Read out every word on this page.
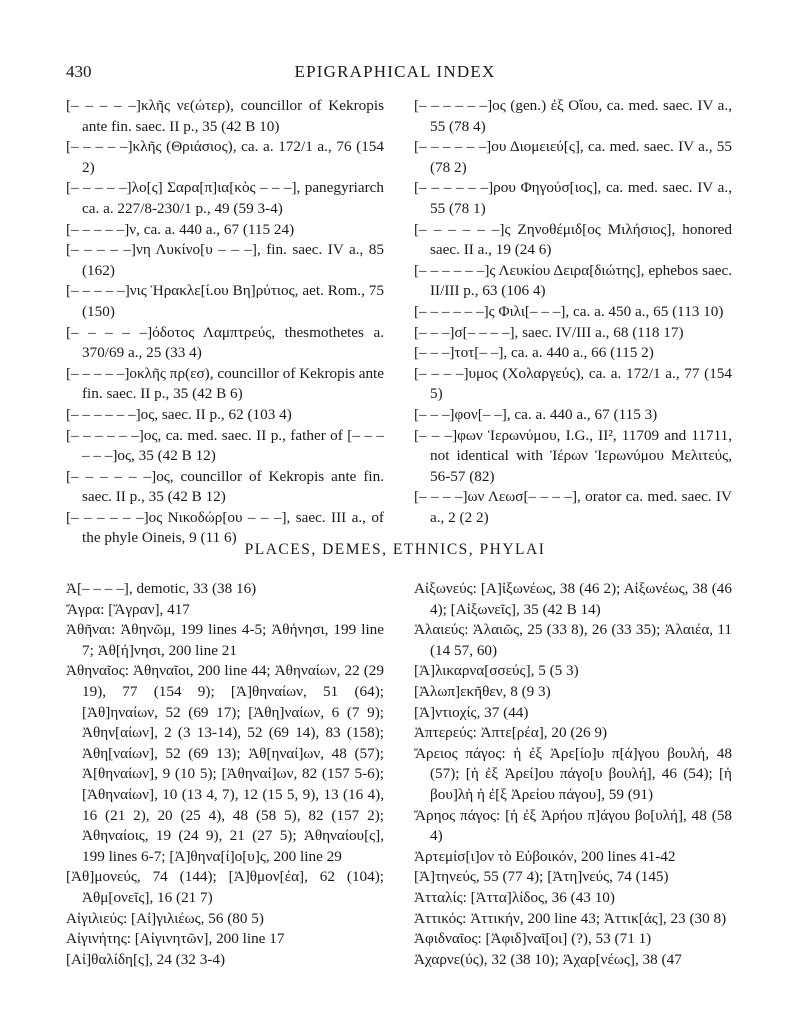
430	EPIGRAPHICAL INDEX

[– – – – –]κλῆς νε(ώτερ), councillor of Kekropis ante fin. saec. II p., 35 (42 B 10)

[– – – – –]κλῆς (Θριάσιος), ca. a. 172/1 a., 76 (154 2)

[– – – – –]λο[ς] Σαρα[π]ια[κὸς – – –], panegyriarch ca. a. 227/8-230/1 p., 49 (59 3-4)

[– – – – –]ν, ca. a. 440 a., 67 (115 24)

[– – – – –]νη Λυκίνο[υ – – –], fin. saec. IV a., 85 (162)

[– – – – –]νις Ἡρακλε[ί.ου Βη]ρύτιος, aet. Rom., 75 (150)

[– – – – –]όδοτος Λαμπτρεύς, thesmothetes a. 370/69 a., 25 (33 4)

[– – – – –]οκλῆς πρ(εσ), councillor of Kekropis ante fin. saec. II p., 35 (42 B 6)

[– – – – – –]ος, saec. II p., 62 (103 4)

[– – – – – –]ος, ca. med. saec. II p., father of [– – – – – –]ος, 35 (42 B 12)

[– – – – – –]ος, councillor of Kekropis ante fin. saec. II p., 35 (42 B 12)

[– – – – – –]ος Νικοδώρ[ου – – –], saec. III a., of the phyle Oineis, 9 (11 6)

[– – – – – –]ος (gen.) ἐξ Οἴου, ca. med. saec. IV a., 55 (78 4)

[– – – – – –]ου Διομειεύ[ς], ca. med. saec. IV a., 55 (78 2)

[– – – – – –]ρου Φηγούσ[ιος], ca. med. saec. IV a., 55 (78 1)

[– – – – – –]ς Ζηνοθέμιδ[ος Μιλήσιος], honored saec. II a., 19 (24 6)

[– – – – – –]ς Λευκίου Δειρα[διώτης], ephebos saec. II/III p., 63 (106 4)

[– – – – – –]ς Φιλι[– – –], ca. a. 450 a., 65 (113 10)

[– – –]σ[– – – –], saec. IV/III a., 68 (118 17)

[– – –]τοτ[– –], ca. a. 440 a., 66 (115 2)

[– – – –]υμος (Χολαργεύς), ca. a. 172/1 a., 77 (154 5)

[– – –]φον[– –], ca. a. 440 a., 67 (115 3)

[– – –]φων Ἱερωνύμου, I.G., II², 11709 and 11711, not identical with Ἱέρων Ἱερωνύμου Μελιτεύς, 56-57 (82)

[– – – –]ων Λεωσ[– – – –], orator ca. med. saec. IV a., 2 (2 2)

PLACES, DEMES, ETHNICS, PHYLAI

Ἀ[– – – –], demotic, 33 (38 16)

Ἄγρα: [Ἄγραν], 417

Ἀθῆναι: Ἀθηνῶμ, 199 lines 4-5; Ἀθήνησι, 199 line 7; Ἀθ[ή]νησι, 200 line 21

Ἀθηναῖος: Ἀθηναῖοι, 200 line 44; Ἀθηναίων, 22 (29 19), 77 (154 9); [Ἀ]θηναίων, 51 (64); [Ἀθ]ηναίων, 52 (69 17); [Ἀθη]ναίων, 6 (7 9); Ἀθην[αίων], 2 (3 13-14), 52 (69 14), 83 (158); Ἀθη[ναίων], 52 (69 13); Ἀθ[ηναί]ων, 48 (57); Ἀ[θηναίων], 9 (10 5); [Ἀθηναί]ων, 82 (157 5-6); [Ἀθηναίων], 10 (13 4, 7), 12 (15 5, 9), 13 (16 4), 16 (21 2), 20 (25 4), 48 (58 5), 82 (157 2); Ἀθηναίοις, 19 (24 9), 21 (27 5); Ἀθηναίου[ς], 199 lines 6-7; [Ἀ]θηνα[ί]ο[υ]ς, 200 line 29

[Ἀθ]μονεύς, 74 (144); [Ἀ]θμον[έα], 62 (104); Ἀθμ[ονεῖς], 16 (21 7)

Αἰγιλιεύς: [Αἰ]γιλιέως, 56 (80 5)

Αἰγινήτης: [Αἰγινητῶν], 200 line 17

[Αἰ]θαλίδη[ς], 24 (32 3-4)

Αἰξωνεύς: [Α]ἰξωνέως, 38 (46 2); Αἰξωνέως, 38 (46 4); [Αἰξωνεῖς], 35 (42 B 14)

Ἁλαιεύς: Ἁλαιῶς, 25 (33 8), 26 (33 35); Ἁλαιέα, 11 (14 57, 60)

[Ἁ]λικαρνα[σσεύς], 5 (5 3)

[Ἀλωπ]εκῆθεν, 8 (9 3)

[Ἀ]ντιοχίς, 37 (44)

Ἀπτερεύς: Ἀπτε[ρέα], 20 (26 9)

Ἄρειος πάγος: ἡ ἐξ Ἀρε[ίο]υ π[ά]γου βουλή, 48 (57); [ἡ ἐξ Ἀρεί]ου πάγο[υ βουλή], 46 (54); [ἡ βου]λὴ ἡ ἐ[ξ Ἀρείου πάγου], 59 (91)

Ἄρηος πάγος: [ἡ ἐξ Ἀρήου π]άγου βο[υλή], 48 (58 4)

Ἀρτεμίσ[ι]ον τὸ Εὐβοικόν, 200 lines 41-42

[Ἀ]τηνεύς, 55 (77 4); [Ἀτη]νεύς, 74 (145)

Ἀτταλίς: [Ἀττα]λίδος, 36 (43 10)

Ἀττικός: Ἀττικήν, 200 line 43; Ἀττικ[άς], 23 (30 8)

Ἀφιδναῖος: [Ἀφιδ]ναῖ[οι] (?), 53 (71 1)

Ἀχαρνε(ύς), 32 (38 10); Ἀχαρ[νέως], 38 (47
